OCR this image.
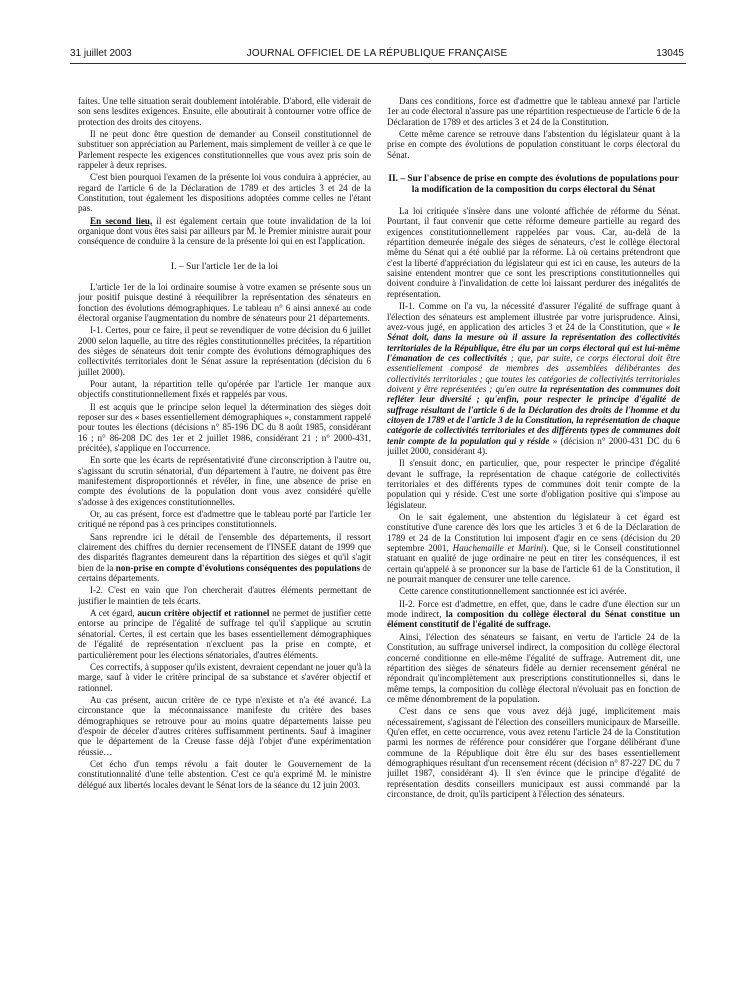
31 juillet 2003	JOURNAL OFFICIEL DE LA RÉPUBLIQUE FRANÇAISE	13045

faites. Une telle situation serait doublement intolérable. D'abord, elle viderait de son sens lesdites exigences. Ensuite, elle aboutirait à contourner votre office de protection des droits des citoyens.

Il ne peut donc être question de demander au Conseil constitutionnel de substituer son appréciation au Parlement, mais simplement de veiller à ce que le Parlement respecte les exigences constitutionnelles que vous avez pris soin de rappeler à deux reprises.

C'est bien pourquoi l'examen de la présente loi vous conduira à apprécier, au regard de l'article 6 de la Déclaration de 1789 et des articles 3 et 24 de la Constitution, tout également les dispositions adoptées comme celles ne l'étant pas.

En second lieu, il est également certain que toute invalidation de la loi organique dont vous êtes saisi par ailleurs par M. le Premier ministre aurait pour conséquence de conduire à la censure de la présente loi qui en est l'application.

I. – Sur l'article 1er de la loi

L'article 1er de la loi ordinaire soumise à votre examen se présente sous un jour positif puisque destiné à réequilibrer la représentation des sénateurs en fonction des évolutions démographiques. Le tableau n° 6 ainsi annexé au code électoral organise l'augmentation du nombre de sénateurs pour 21 départements.

I-1. Certes, pour ce faire, il peut se revendiquer de votre décision du 6 juillet 2000 selon laquelle, au titre des règles constitutionnelles précitées, la répartition des sièges de sénateurs doit tenir compte des évolutions démographiques des collectivités territoriales dont le Sénat assure la représentation (décision du 6 juillet 2000).

Pour autant, la répartition telle qu'opérée par l'article 1er manque aux objectifs constitutionnellement fixés et rappelés par vous.

Il est acquis que le principe selon lequel la détermination des sièges doit reposer sur des « bases essentiellement démographiques », constamment rappelé pour toutes les élections (décisions n° 85-196 DC du 8 août 1985, considérant 16 ; n° 86-208 DC des 1er et 2 juillet 1986, considérant 21 ; n° 2000-431, précitée), s'applique en l'occurrence.

En sorte que les écarts de représentativité d'une circonscription à l'autre ou, s'agissant du scrutin sénatorial, d'un département à l'autre, ne doivent pas être manifestement disproportionnés et révéler, in fine, une absence de prise en compte des évolutions de la population dont vous avez considéré qu'elle s'adosse à des exigences constitutionnelles.

Or, au cas présent, force est d'admettre que le tableau porté par l'article 1er critiqué ne répond pas à ces principes constitutionnels.

Sans reprendre ici le détail de l'ensemble des départements, il ressort clairement des chiffres du dernier recensement de l'INSEE datant de 1999 que des disparités flagrantes demeurent dans la répartition des sièges et qu'il s'agit bien de la non-prise en compte d'évolutions conséquentes des populations de certains départements.

I-2. C'est en vain que l'on chercherait d'autres éléments permettant de justifier le maintien de tels écarts.

A cet égard, aucun critère objectif et rationnel ne permet de justifier cette entorse au principe de l'égalité de suffrage tel qu'il s'applique au scrutin sénatorial. Certes, il est certain que les bases essentiellement démographiques de l'égalité de représentation n'excluent pas la prise en compte, et particulièrement pour les élections sénatoriales, d'autres éléments.

Ces correctifs, à supposer qu'ils existent, devraient cependant ne jouer qu'à la marge, sauf à vider le critère principal de sa substance et s'avérer objectif et rationnel.

Au cas présent, aucun critère de ce type n'existe et n'a été avancé. La circonstance que la méconnaissance manifeste du critère des bases démographiques se retrouve pour au moins quatre départements laisse peu d'espoir de déceler d'autres critères suffisamment pertinents. Sauf à imaginer que le département de la Creuse fasse déjà l'objet d'une expérimentation réussie…

Cet écho d'un temps révolu a fait douter le Gouvernement de la constitutionnalité d'une telle abstention. C'est ce qu'a exprimé M. le ministre délégué aux libertés locales devant le Sénat lors de la séance du 12 juin 2003.

Dans ces conditions, force est d'admettre que le tableau annexé par l'article 1er au code électoral n'assure pas une répartition respectueuse de l'article 6 de la Déclaration de 1789 et des articles 3 et 24 de la Constitution.

Cette même carence se retrouve dans l'abstention du législateur quant à la prise en compte des évolutions de population constituant le corps électoral du Sénat.

II. – Sur l'absence de prise en compte des évolutions de populations pour la modification de la composition du corps électoral du Sénat

La loi critiquée s'insère dans une volonté affichée de réforme du Sénat. Pourtant, il faut convenir que cette réforme demeure partielle au regard des exigences constitutionnellement rappelées par vous. Car, au-delà de la répartition demeurée inégale des sièges de sénateurs, c'est le collège électoral même du Sénat qui a été oublié par la réforme. Là où certains prétendront que c'est la liberté d'appréciation du législateur qui est ici en cause, les auteurs de la saisine entendent montrer que ce sont les prescriptions constitutionnelles qui doivent conduire à l'invalidation de cette loi laissant perdurer des inégalités de représentation.

II-1. Comme on l'a vu, la nécessité d'assurer l'égalité de suffrage quant à l'élection des sénateurs est amplement illustrée par votre jurisprudence. Ainsi, avez-vous jugé, en application des articles 3 et 24 de la Constitution, que « le Sénat doit, dans la mesure où il assure la représentation des collectivités territoriales de la République, être élu par un corps électoral qui est lui-même l'émanation de ces collectivités ; que, par suite, ce corps électoral doit être essentiellement composé de membres des assemblées délibérantes des collectivités territoriales ; que toutes les catégories de collectivités territoriales doivent y être représentées ; qu'en outre la représentation des communes doit refléter leur diversité ; qu'enfin, pour respecter le principe d'égalité de suffrage résultant de l'article 6 de la Déclaration des droits de l'homme et du citoyen de 1789 et de l'article 3 de la Constitution, la représentation de chaque catégorie de collectivités territoriales et des différents types de communes doit tenir compte de la population qui y réside » (décision n° 2000-431 DC du 6 juillet 2000, considérant 4).

Il s'ensuit donc, en particulier, que, pour respecter le principe d'égalité devant le suffrage, la représentation de chaque catégorie de collectivités territoriales et des différents types de communes doit tenir compte de la population qui y réside. C'est une sorte d'obligation positive qui s'impose au législateur.

On le sait également, une abstention du législateur à cet égard est constitutive d'une carence dès lors que les articles 3 et 6 de la Déclaration de 1789 et 24 de la Constitution lui imposent d'agir en ce sens (décision du 20 septembre 2001, Hauchemaille et Marini). Que, si le Conseil constitutionnel statuant en qualité de juge ordinaire ne peut en tirer les conséquences, il est certain qu'appelé à se prononcer sur la base de l'article 61 de la Constitution, il ne pourrait manquer de censurer une telle carence.

Cette carence constitutionnellement sanctionnée est ici avérée.

II-2. Force est d'admettre, en effet, que, dans le cadre d'une élection sur un mode indirect, la composition du collège électoral du Sénat constitue un élément constitutif de l'égalité de suffrage.

Ainsi, l'élection des sénateurs se faisant, en vertu de l'article 24 de la Constitution, au suffrage universel indirect, la composition du collège électoral concerné conditionne en elle-même l'égalité de suffrage. Autrement dit, une répartition des sièges de sénateurs fidèle au dernier recensement général ne répondrait qu'incomplètement aux prescriptions constitutionnelles si, dans le même temps, la composition du collège électoral n'évoluait pas en fonction de ce même dénombrement de la population.

C'est dans ce sens que vous avez déjà jugé, implicitement mais nécessairement, s'agissant de l'élection des conseillers municipaux de Marseille. Qu'en effet, en cette occurrence, vous avez retenu l'article 24 de la Constitution parmi les normes de référence pour considérer que l'organe délibérant d'une commune de la République doit être élu sur des bases essentiellement démographiques résultant d'un recensement récent (décision n° 87-227 DC du 7 juillet 1987, considérant 4). Il s'en évince que le principe d'égalité de représentation desdits conseillers municipaux est aussi commandé par la circonstance, de droit, qu'ils participent à l'élection des sénateurs.
